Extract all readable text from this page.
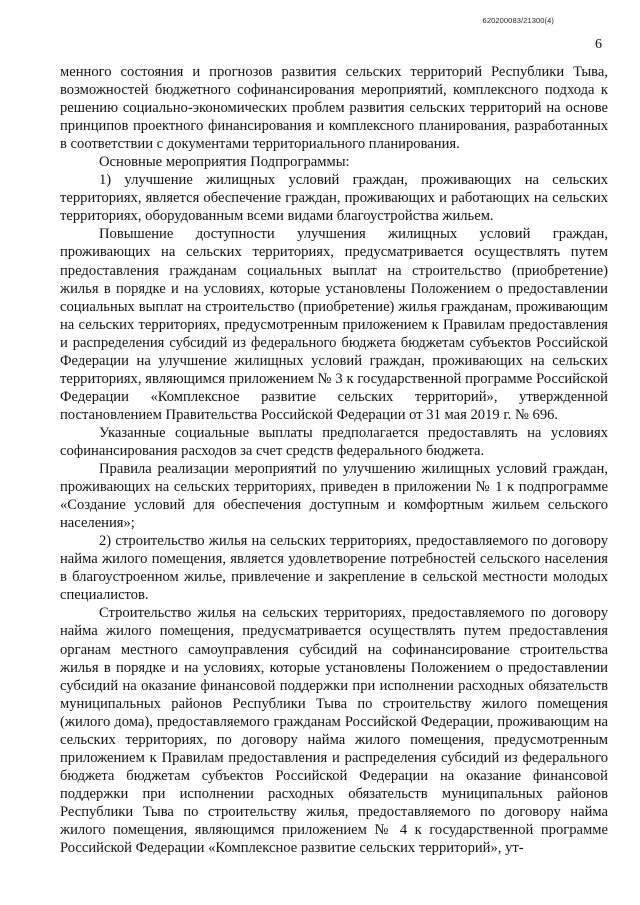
620200083/21300(4)
6

менного состояния и прогнозов развития сельских территорий Республики Тыва, возможностей бюджетного софинансирования мероприятий, комплексного подхода к решению социально-экономических проблем развития сельских территорий на основе принципов проектного финансирования и комплексного планирования, разработанных в соответствии с документами территориального планирования.

Основные мероприятия Подпрограммы:

1) улучшение жилищных условий граждан, проживающих на сельских территориях, является обеспечение граждан, проживающих и работающих на сельских территориях, оборудованным всеми видами благоустройства жильем.

Повышение доступности улучшения жилищных условий граждан, проживающих на сельских территориях, предусматривается осуществлять путем предоставления гражданам социальных выплат на строительство (приобретение) жилья в порядке и на условиях, которые установлены Положением о предоставлении социальных выплат на строительство (приобретение) жилья гражданам, проживающим на сельских территориях, предусмотренным приложением к Правилам предоставления и распределения субсидий из федерального бюджета бюджетам субъектов Российской Федерации на улучшение жилищных условий граждан, проживающих на сельских территориях, являющимся приложением № 3 к государственной программе Российской Федерации «Комплексное развитие сельских территорий», утвержденной постановлением Правительства Российской Федерации от 31 мая 2019 г. № 696.

Указанные социальные выплаты предполагается предоставлять на условиях софинансирования расходов за счет средств федерального бюджета.

Правила реализации мероприятий по улучшению жилищных условий граждан, проживающих на сельских территориях, приведен в приложении № 1 к подпрограмме «Создание условий для обеспечения доступным и комфортным жильем сельского населения»;

2) строительство жилья на сельских территориях, предоставляемого по договору найма жилого помещения, является удовлетворение потребностей сельского населения в благоустроенном жилье, привлечение и закрепление в сельской местности молодых специалистов.

Строительство жилья на сельских территориях, предоставляемого по договору найма жилого помещения, предусматривается осуществлять путем предоставления органам местного самоуправления субсидий на софинансирование строительства жилья в порядке и на условиях, которые установлены Положением о предоставлении субсидий на оказание финансовой поддержки при исполнении расходных обязательств муниципальных районов Республики Тыва по строительству жилого помещения (жилого дома), предоставляемого гражданам Российской Федерации, проживающим на сельских территориях, по договору найма жилого помещения, предусмотренным приложением к Правилам предоставления и распределения субсидий из федерального бюджета бюджетам субъектов Российской Федерации на оказание финансовой поддержки при исполнении расходных обязательств муниципальных районов Республики Тыва по строительству жилья, предоставляемого по договору найма жилого помещения, являющимся приложением № 4 к государственной программе Российской Федерации «Комплексное развитие сельских территорий», ут-
